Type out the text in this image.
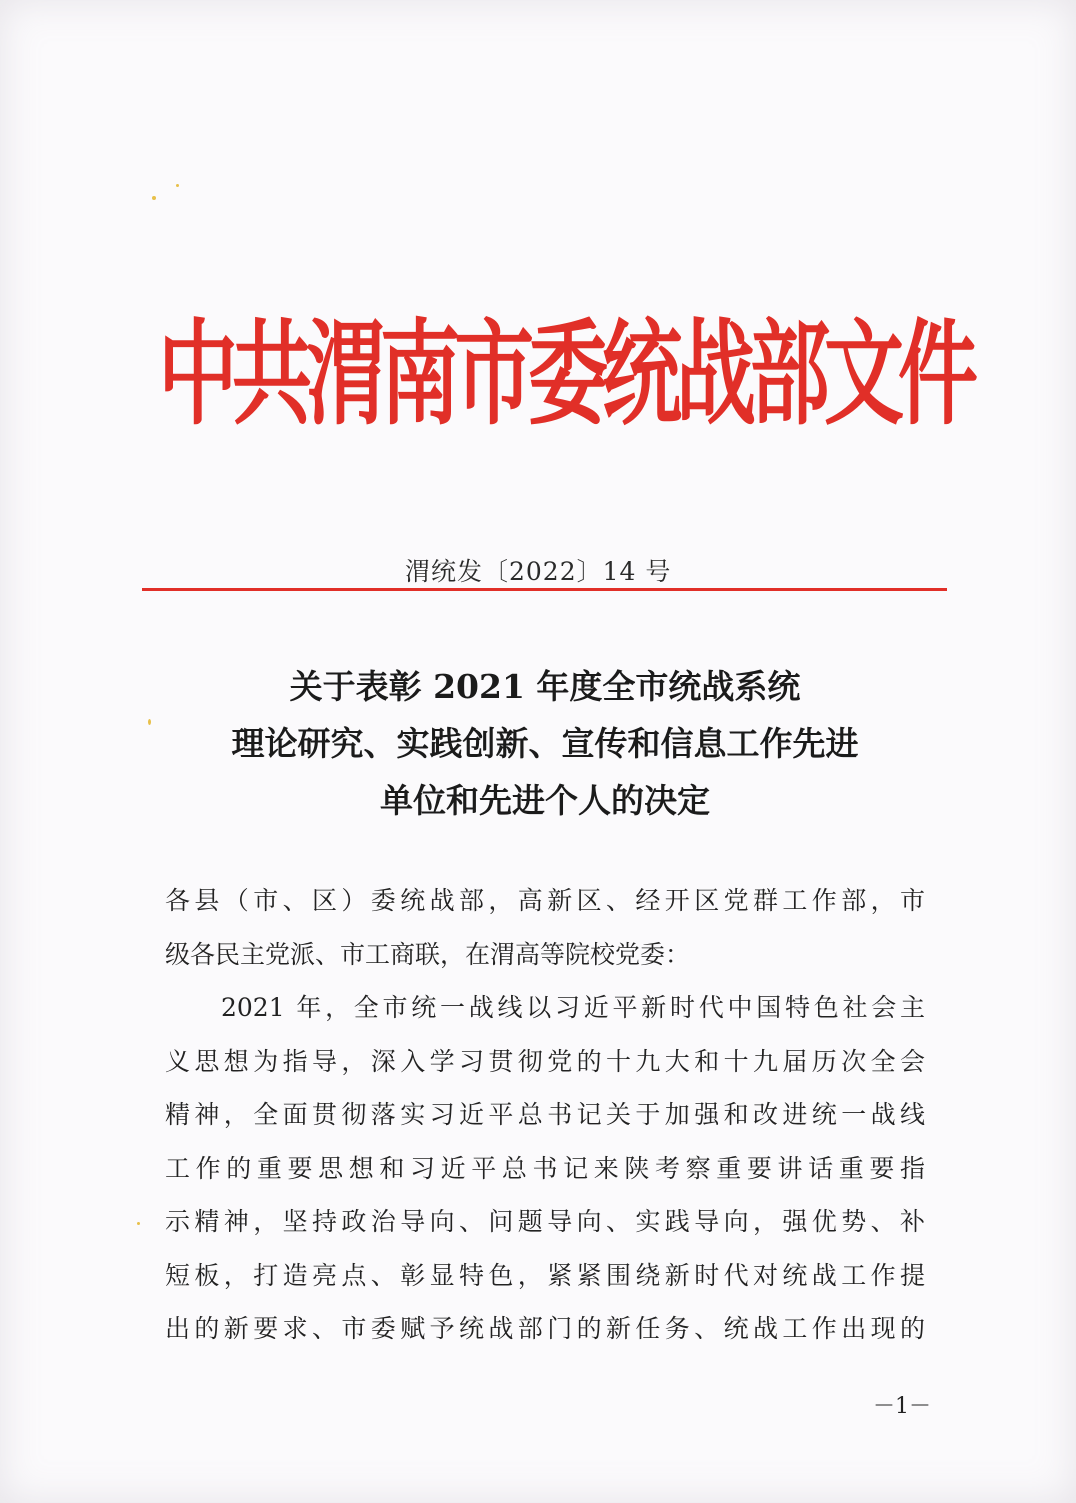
中共渭南市委统战部文件
渭统发〔2022〕14 号
关于表彰 2021 年度全市统战系统
理论研究、实践创新、宣传和信息工作先进
单位和先进个人的决定
各县（市、区）委统战部，高新区、经开区党群工作部，市
级各民主党派、市工商联，在渭高等院校党委：
2021 年，全市统一战线以习近平新时代中国特色社会主
义思想为指导，深入学习贯彻党的十九大和十九届历次全会
精神，全面贯彻落实习近平总书记关于加强和改进统一战线
工作的重要思想和习近平总书记来陕考察重要讲话重要指
示精神，坚持政治导向、问题导向、实践导向，强优势、补
短板，打造亮点、彰显特色，紧紧围绕新时代对统战工作提
出的新要求、市委赋予统战部门的新任务、统战工作出现的
－1－
